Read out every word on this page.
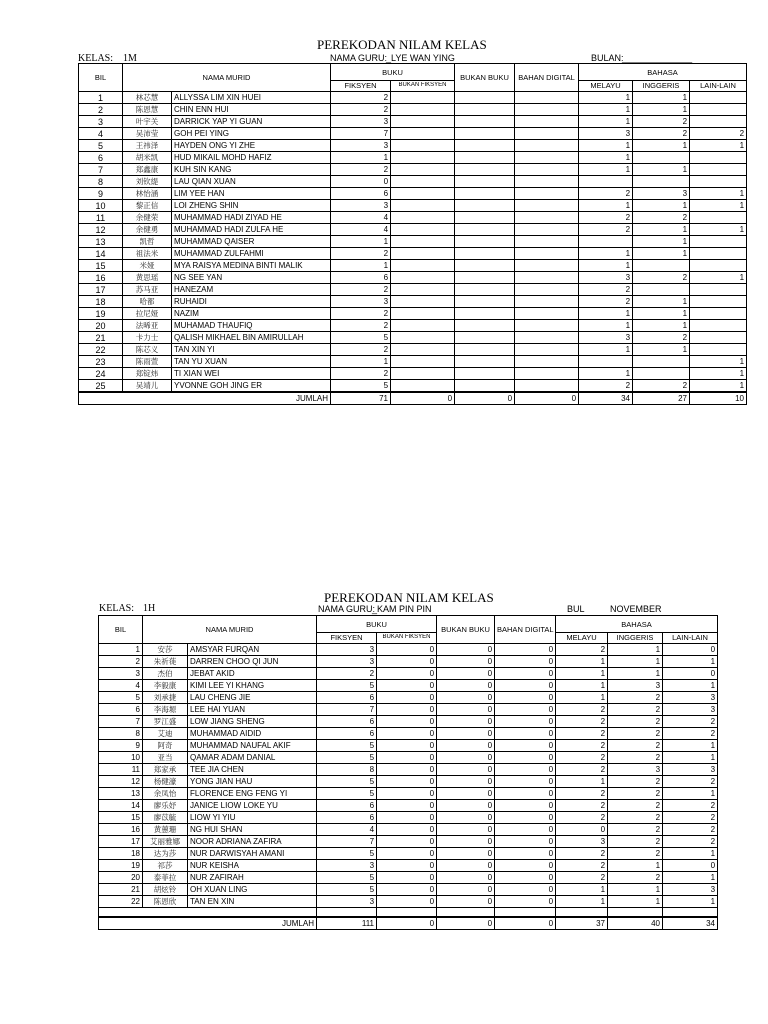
PEREKODAN NILAM KELAS
KELAS: 1M	NAMA GURU:
_LYE WAN YING	BULAN:
______________
BIL	NAMA MURID		BUKU		BUKAN BUKU	BAHAN DIGITAL	BAHASA		
			FIKSYEN	BUKAN FIKSYEN			MELAYU	INGGERIS	LAIN-LAIN
1	林芯慧	ALLYSSA LIM XIN HUEI	2				1	1	
2	陈恩慧	CHIN ENN HUI	2				1	1	
3	叶宇关	DARRICK YAP YI GUAN	3				1	2	
4	吴沛莹	GOH PEI YING	7				3	2	2
5	王祎泽	HAYDEN ONG YI ZHE	3				1	1	1
6	胡米凯	HUD MIKAIL MOHD HAFIZ	1				1		
7	郑鑫康	KUH SIN KANG	2				1	1	
8	刘钦缇	LAU QIAN XUAN	0						
9	林怡涵	LIM YEE HAN	6				2	3	1
10	黎正信	LOI ZHENG SHIN	3				1	1	1
11	余健荣	MUHAMMAD HADI ZIYAD HE	4				2	2	
12	余健勇	MUHAMMAD HADI ZULFA HE	4				2	1	1
13	凯哲	MUHAMMAD QAISER	1					1	
14	祖法米	MUHAMMAD ZULFAHMI	2				1	1	
15	米娅	MYA RAISYA MEDINA BINTI MALIK	1				1		
16	黄思瑶	NG SEE YAN	6				3	2	1
17	苏马亚	HANEZAM	2				2		
18	哈都	RUHAIDI	3				2	1	
19	拉尼娅	NAZIM	2				1	1	
20	法晞亚	MUHAMAD THAUFIQ	2				1	1	
21	卡力士	QALISH MIKHAEL BIN AMIRULLAH	5				3	2	
22	陈芯义	TAN XIN YI	2				1	1	
23	陈雨萱	TAN YU XUAN	1						1
24	郑锭炜	TI XIAN WEI	2				1		1
25	吴靖儿	YVONNE GOH JING ER	5				2	2	1
JUMLAH			71	0	0	0	34	27	10
PEREKODAN NILAM KELAS
KELAS: 1H	NAMA GURU:
_KAM PIN PIN	BUL	NOVEMBER
BIL	NAMA MURID		BUKU		BUKAN BUKU	BAHAN DIGITAL	BAHASA		
			FIKSYEN	BUKAN FIKSYEN			MELAYU	INGGERIS	LAIN-LAIN
1	安莎	AMSYAR FURQAN	3	0	0	0	2	1	0
2	朱祈蓰	DARREN CHOO QI JUN	3	0	0	0	1	1	1
3	杰伯	JEBAT AKID	2	0	0	0	1	1	0
4	李毅康	KIMI LEE YI KHANG	5	0	0	0	1	3	1
5	刘承捷	LAU CHENG JIE	6	0	0	0	1	2	3
6	李海塬	LEE HAI YUAN	7	0	0	0	2	2	3
7	罗江盛	LOW JIANG SHENG	6	0	0	0	2	2	2
8	艾迪	MUHAMMAD AIDID	6	0	0	0	2	2	2
9	阿奇	MUHAMMAD NAUFAL AKIF	5	0	0	0	2	2	1
10	亚当	QAMAR ADAM DANIAL	5	0	0	0	2	2	1
11	郑家承	TEE JIA CHEN	8	0	0	0	2	3	3
12	杨健濠	YONG JIAN HAU	5	0	0	0	1	2	2
13	余凤怡	FLORENCE ENG FENG YI	5	0	0	0	2	2	1
14	廖乐妤	JANICE LIOW LOKE YU	6	0	0	0	2	2	2
15	廖苡毓	LIOW YI YIU	6	0	0	0	2	2	2
16	黄蕙珊	NG HUI SHAN	4	0	0	0	0	2	2
17	艾丽雅娜	NOOR ADRIANA ZAFIRA	7	0	0	0	3	2	2
18	达为莎	NUR DARWISYAH AMANI	5	0	0	0	2	2	1
19	祁莎	NUR KEISHA	3	0	0	0	2	1	0
20	泰菲拉	NUR ZAFIRAH	5	0	0	0	2	2	1
21	胡炫铃	OH XUAN LING	5	0	0	0	1	1	3
22	陈恩欣	TAN EN XIN	3	0	0	0	1	1	1

JUMLAH			111	0	0	0	37	40	34
